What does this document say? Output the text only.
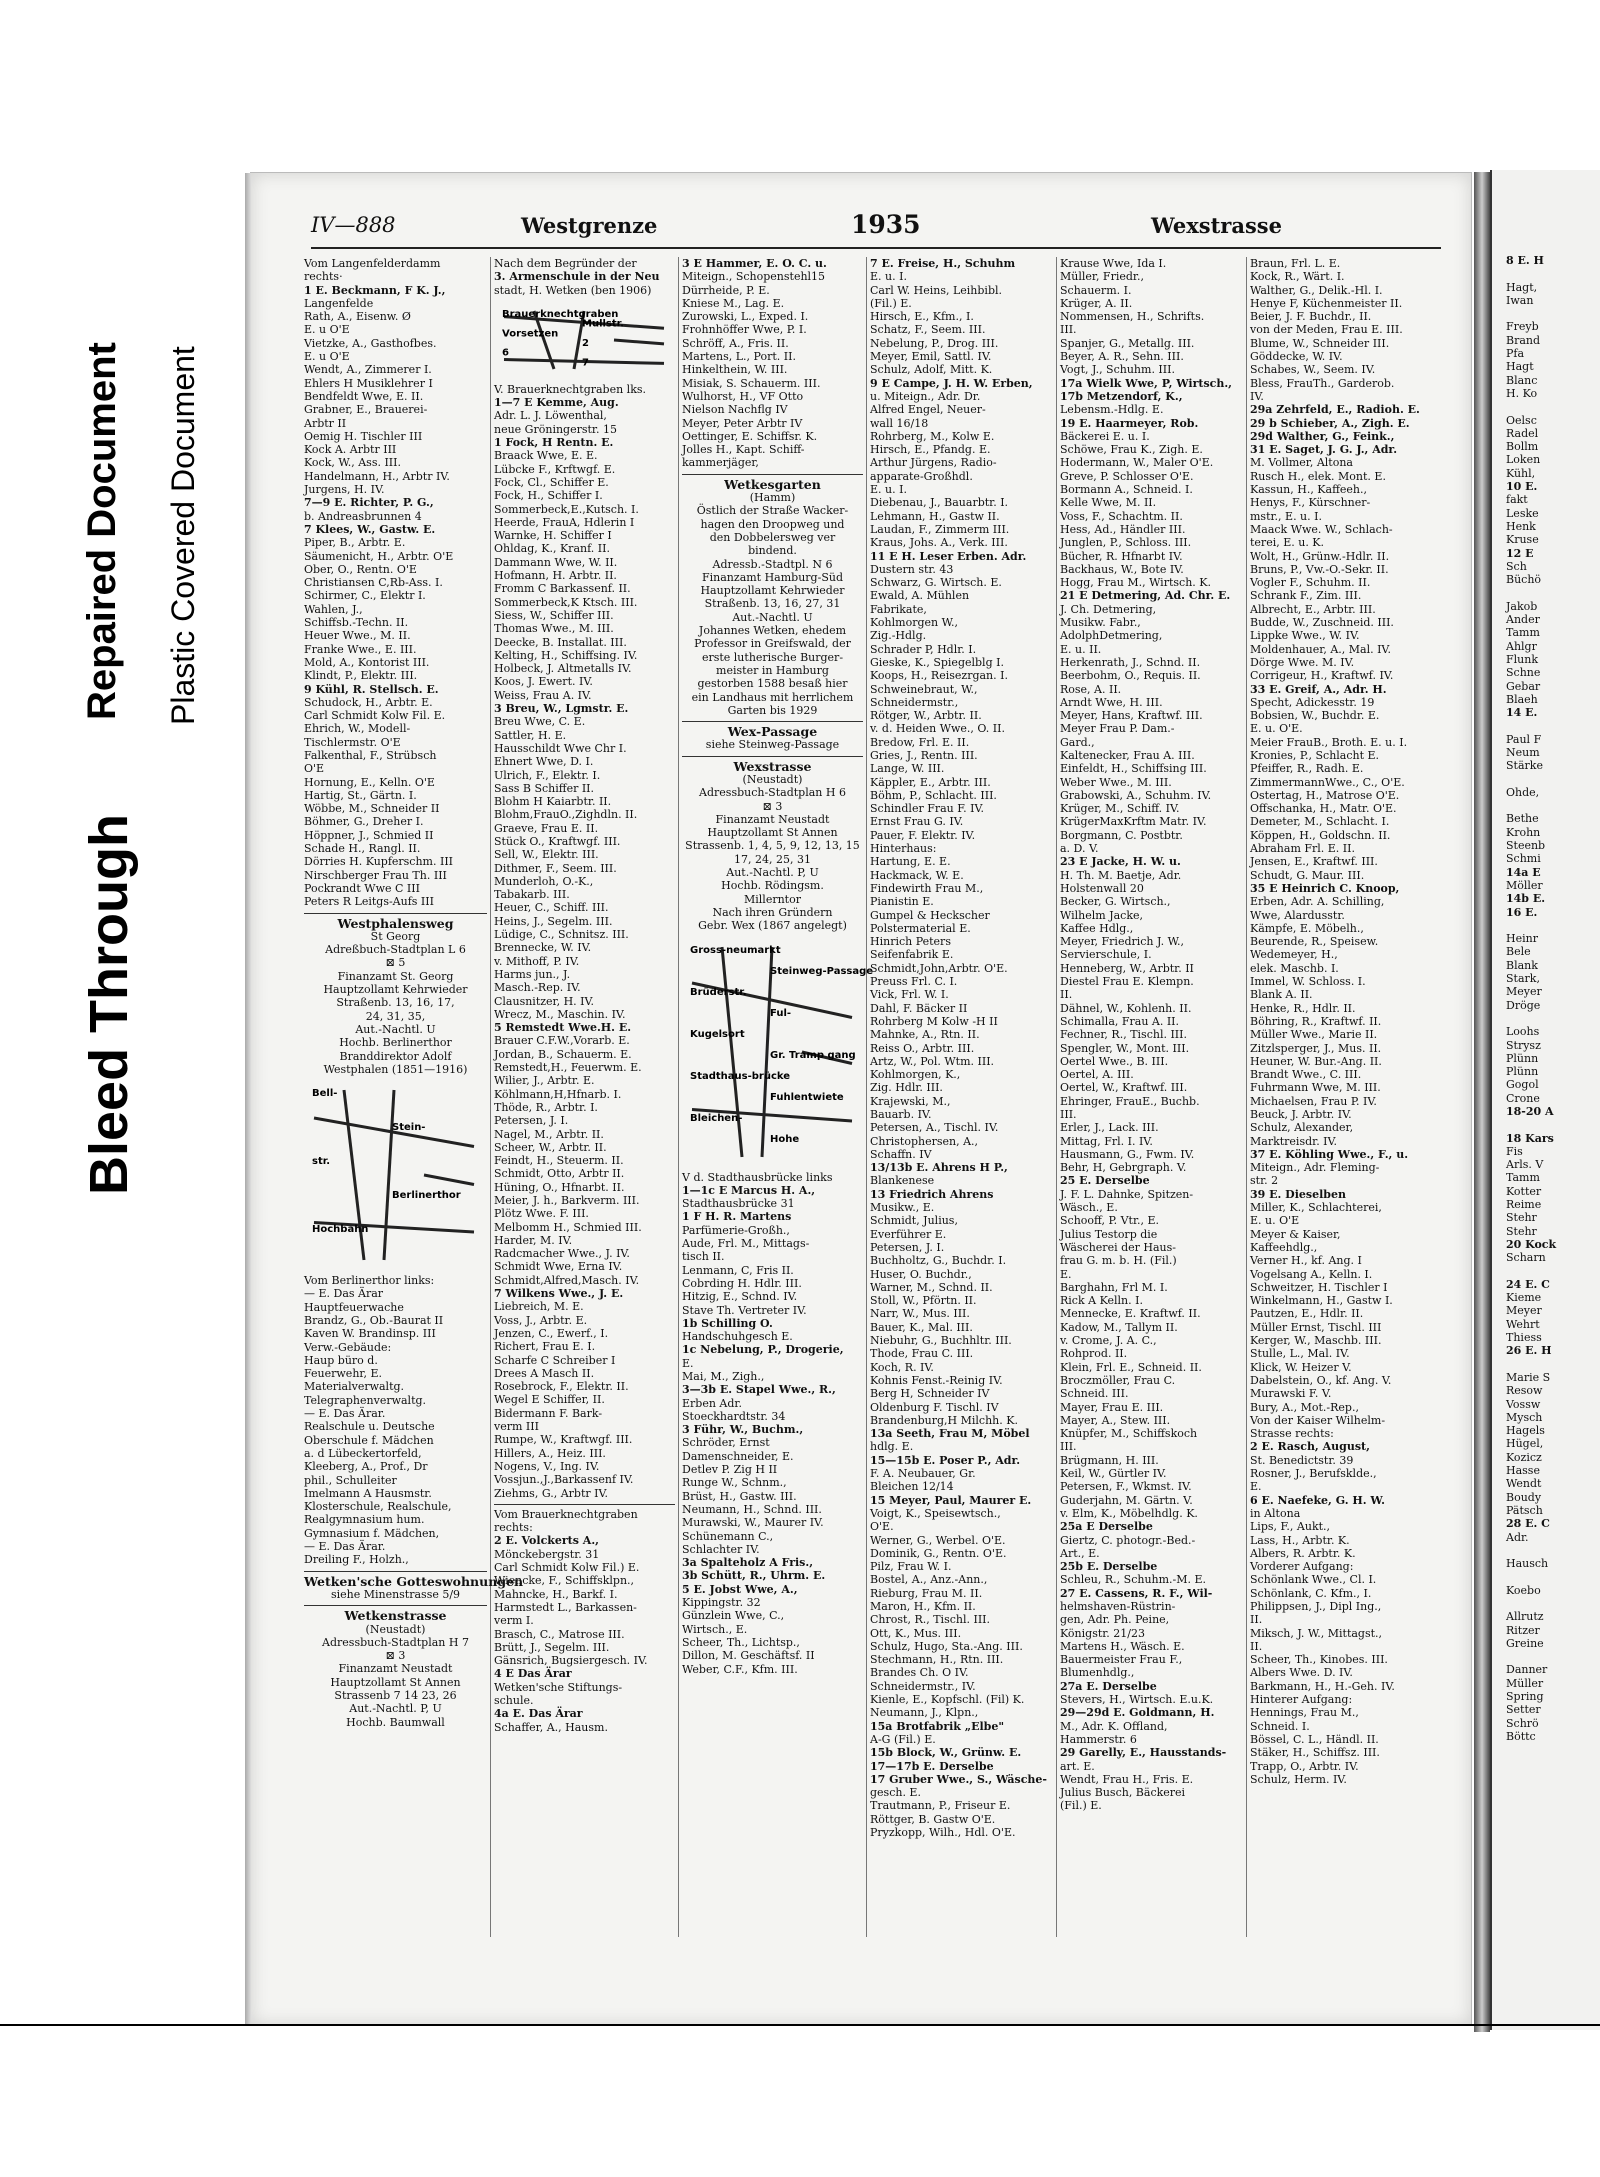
Bleed Through
Repaired Document Plastic Covered Document
IV—888	Westgrenze	1935	Wexstrasse
Vom Langenfelderdamm
rechts·
1 E. Beckmann, F K. J.,
Langenfelde
Rath, A., Eisenw. Ø
E. u O'E
Vietzke, A., Gasthofbes.
E. u O'E
Wendt, A., Zimmerer I.
Ehlers H Musiklehrer I
Bendfeldt Wwe, E. II.
Grabner, E., Brauerei-
Arbtr II
Oemig H. Tischler III
Kock A. Arbtr III
Kock, W., Ass. III.
Handelmann, H., Arbtr IV.
Jurgens, H. IV.
7—9 E. Richter, P. G.,
b. Andreasbrunnen 4
7 Klees, W., Gastw. E.
Piper, B., Arbtr. E.
Säumenicht, H., Arbtr. O'E
Ober, O., Rentn. O'E
Christiansen C,Rb-Ass. I.
Schirmer, C., Elektr I.
Wahlen, J.,
Schiffsb.-Techn. II.
Heuer Wwe., M. II.
Franke Wwe., E. III.
Mold, A., Kontorist III.
Klindt, P., Elektr. III.
9 Kühl, R. Stellsch. E.
Schudock, H., Arbtr. E.
Carl Schmidt Kolw Fil. E.
Ehrich, W., Modell-
Tischlermstr. O'E
Falkenthal, F., Strübsch
O'E
Hornung, E., Kelln. O'E
Hartig, St., Gärtn. I.
Wöbbe, M., Schneider II
Böhmer, G., Dreher I.
Höppner, J., Schmied II
Schade H., Rangl. II.
Dörries H. Kupferschm. III
Nirschberger Frau Th. III
Pockrandt Wwe C III
Peters R Leitgs-Aufs III
Westphalensweg
St Georg
Adreßbuch-Stadtplan L 6
⊠ 5
Finanzamt St. Georg
Hauptzollamt Kehrwieder
Straßenb. 13, 16, 17,
24, 31, 35,
Aut.-Nachtl. U
Hochb. Berlinerthor
Branddirektor Adolf
Westphalen (1851—1916)
Bell-
Stein-
str.
Berlinerthor
Hochbahn
Vom Berlinerthor links:
— E. Das Ärar
Hauptfeuerwache
Brandz, G., Ob.-Baurat II
Kaven W. Brandinsp. III
Verw.-Gebäude:
Haup büro d.
Feuerwehr, E.
Materialverwaltg.
Telegraphenverwaltg.
— E. Das Ärar.
Realschule u. Deutsche
Oberschule f. Mädchen
a. d Lübeckertorfeld,
Kleeberg, A., Prof., Dr
phil., Schulleiter
Imelmann A Hausmstr.
Klosterschule, Realschule,
Realgymnasium hum.
Gymnasium f. Mädchen,
— E. Das Ärar.
Dreiling F., Holzh.,
Wetken'sche Gotteswohnungen
siehe Minenstrasse 5/9
Wetkenstrasse
(Neustadt)
Adressbuch-Stadtplan H 7
⊠ 3
Finanzamt Neustadt
Hauptzollamt St Annen
Strassenb 7 14 23, 26
Aut.-Nachtl. P, U
Hochb. Baumwall
Nach dem Begründer der
3. Armenschule in der Neu
stadt, H. Wetken (ben 1906)
Brauerknechtgraben
Mullstr.
Vorsetzen
2
6
7
V. Brauerknechtgraben lks.
1—7 E Kemme, Aug.
Adr. L. J. Löwenthal,
neue Gröningerstr. 15
1 Fock, H Rentn. E.
Braack Wwe, E. E.
Lübcke F., Krftwgf. E.
Fock, Cl., Schiffer E.
Fock, H., Schiffer I.
Sommerbeck,E.,Kutsch. I.
Heerde, FrauA, Hdlerin I
Warnke, H. Schiffer I
Ohldag, K., Kranf. II.
Dammann Wwe, W. II.
Hofmann, H. Arbtr. II.
Fromm C Barkassenf. II.
Sommerbeck,K Ktsch. III.
Siess, W., Schiffer III.
Thomas Wwe., M. III.
Deecke, B. Installat. III.
Kelting, H., Schiffsing. IV.
Holbeck, J. Altmetalls IV.
Koos, J. Ewert. IV.
Weiss, Frau A. IV.
3 Breu, W., Lgmstr. E.
Breu Wwe, C. E.
Sattler, H. E.
Hausschildt Wwe Chr I.
Ehnert Wwe, D. I.
Ulrich, F., Elektr. I.
Sass B Schiffer II.
Blohm H Kaiarbtr. II.
Blohm,FrauO.,Zighdln. II.
Graeve, Frau E. II.
Stück O., Kraftwgf. III.
Sell, W., Elektr. III.
Dithmer, F., Seem. III.
Munderloh, O.-K.,
Tabakarb. III.
Heuer, C., Schiff. III.
Heins, J., Segelm. III.
Lüdige, C., Schnitsz. III.
Brennecke, W. IV.
v. Mithoff, P. IV.
Harms jun., J.
Masch.-Rep. IV.
Clausnitzer, H. IV.
Wrecz, M., Maschin. IV.
5 Remstedt Wwe.H. E.
Brauer C.F.W.,Vorarb. E.
Jordan, B., Schauerm. E.
Remstedt,H., Feuerwm. E.
Wilier, J., Arbtr. E.
Köhlmann,H,Hfnarb. I.
Thöde, R., Arbtr. I.
Petersen, J. I.
Nagel, M., Arbtr. II.
Scheer, W., Arbtr. II.
Feindt, H., Steuerm. II.
Schmidt, Otto, Arbtr II.
Hüning, O., Hfnarbt. II.
Meier, J. h., Barkverm. III.
Plötz Wwe. F. III.
Melbomm H., Schmied III.
Harder, M. IV.
Radcmacher Wwe., J. IV.
Schmidt Wwe, Erna IV.
Schmidt,Alfred,Masch. IV.
7 Wilkens Wwe., J. E.
Liebreich, M. E.
Voss, J., Arbtr. E.
Jenzen, C., Ewerf., I.
Richert, Frau E. I.
Scharfe C Schreiber I
Drees A Masch II.
Rosebrock, F., Elektr. II.
Wegel E Schiffer, II.
Bidermann F. Bark-
verm III
Rumpe, W., Kraftwgf. III.
Hillers, A., Heiz. III.
Nogens, V., Ing. IV.
Vossjun.,J.,Barkassenf IV.
Ziehms, G., Arbtr IV.
Vom Brauerknechtgraben
rechts:
2 E. Volckerts A.,
Mönckebergstr. 31
Carl Schmidt Kolw Fil.) E.
Wiencke, F., Schiffsklpn.,
Mahncke, H., Barkf. I.
Harmstedt L., Barkassen-
verm I.
Brasch, C., Matrose III.
Brütt, J., Segelm. III.
Gänsrich, Bugsiergesch. IV.
4 E Das Ärar
Wetken'sche Stiftungs-
schule.
4a E. Das Ärar
Schaffer, A., Hausm.
3 E Hammer, E. O. C. u.
Miteign., Schopenstehl15
Dürrheide, P. E.
Kniese M., Lag. E.
Zurowski, L., Exped. I.
Frohnhöffer Wwe, P. I.
Schröff, A., Fris. II.
Martens, L., Port. II.
Hinkelthein, W. III.
Misiak, S. Schauerm. III.
Wulhorst, H., VF Otto
Nielson Nachflg IV
Meyer, Peter Arbtr IV
Oettinger, E. Schiffsr. K.
Jolles H., Kapt. Schiff-
kammerjäger,
Wetkesgarten
(Hamm)
Östlich der Straße Wacker-
hagen den Droopweg und
den Dobbelersweg ver
bindend.
Adressb.-Stadtpl. N 6
Finanzamt Hamburg-Süd
Hauptzollamt Kehrwieder
Straßenb. 13, 16, 27, 31
Aut.-Nachtl. U
Johannes Wetken, ehedem
Professor in Greifswald, der
erste lutherische Burger-
meister in Hamburg
gestorben 1588 besaß hier
ein Landhaus mit herrlichem
Garten bis 1929
Wex-Passage
siehe Steinweg-Passage
Wexstrasse
(Neustadt)
Adressbuch-Stadtplan H 6
⊠ 3
Finanzamt Neustadt
Hauptzollamt St Annen
Strassenb. 1, 4, 5, 9, 12, 13, 15
17, 24, 25, 31
Aut.-Nachtl. P, U
Hochb. Rödingsm.
Millerntor
Nach ihren Gründern
Gebr. Wex (1867 angelegt)
Gross-neumarkt
Steinweg-Passage
Brüderstr.
Ful-
Kugelsort
Gr. Tramp gang
Stadthaus-brücke
Fuhlentwiete
Bleichen-
Hohe
V d. Stadthausbrücke links
1—1c E Marcus H. A.,
Stadthausbrücke 31
1 F H. R. Martens
Parfümerie-Großh.,
Aude, Frl. M., Mittags-
tisch II.
Lenmann, C, Fris II.
Cobrding H. Hdlr. III.
Hitzig, E., Schnd. IV.
Stave Th. Vertreter IV.
1b Schilling O.
Handschuhgesch E.
1c Nebelung, P., Drogerie,
E.
Mai, M., Zigh.,
3—3b E. Stapel Wwe., R.,
Erben Adr.
Stoeckhardtstr. 34
3 Führ, W., Buchm.,
Schröder, Ernst
Damenschneider, E.
Detlev P. Zig H II
Runge W., Schnm.,
Brüst, H., Gastw. III.
Neumann, H., Schnd. III.
Murawski, W., Maurer IV.
Schünemann C.,
Schlachter IV.
3a Spalteholz A Fris.,
3b Schütt, R., Uhrm. E.
5 E. Jobst Wwe, A.,
Kippingstr. 32
Günzlein Wwe, C.,
Wirtsch., E.
Scheer, Th., Lichtsp.,
Dillon, M. Geschäftsf. II
Weber, C.F., Kfm. III.
7 E. Freise, H., Schuhm
E. u. I.
Carl W. Heins, Leihbibl.
(Fil.) E.
Hirsch, E., Kfm., I.
Schatz, F., Seem. III.
Nebelung, P., Drog. III.
Meyer, Emil, Sattl. IV.
Schulz, Adolf, Mitt. K.
9 E Campe, J. H. W. Erben,
u. Miteign., Adr. Dr.
Alfred Engel, Neuer-
wall 16/18
Rohrberg, M., Kolw E.
Hirsch, E., Pfandg. E.
Arthur Jürgens, Radio-
apparate-Großhdl.
E. u. I.
Diebenau, J., Bauarbtr. I.
Lehmann, H., Gastw II.
Laudan, F., Zimmerm III.
Kraus, Johs. A., Verk. III.
11 E H. Leser Erben. Adr.
Dustern str. 43
Schwarz, G. Wirtsch. E.
Ewald, A. Mühlen
Fabrikate,
Kohlmorgen W.,
Zig.-Hdlg.
Schrader P, Hdlr. I.
Gieske, K., Spiegelblg I.
Koops, H., Reisezrgan. I.
Schweinebraut, W.,
Schneidermstr.,
Rötger, W., Arbtr. II.
v. d. Heiden Wwe., O. II.
Bredow, Frl. E. II.
Gries, J., Rentn. III.
Lange, W. III.
Käppler, E., Arbtr. III.
Böhm, P., Schlacht. III.
Schindler Frau F. IV.
Ernst Frau G. IV.
Pauer, F. Elektr. IV.
Hinterhaus:
Hartung, E. E.
Hackmack, W. E.
Findewirth Frau M.,
Pianistin E.
Gumpel & Heckscher
Polstermaterial E.
Hinrich Peters
Seifenfabrik E.
Schmidt,John,Arbtr. O'E.
Preuss Frl. C. I.
Vick, Frl. W. I.
Dahl, F. Bäcker II
Rohrberg M Kolw -H II
Mahnke, A., Rtn. II.
Reiss O., Arbtr. III.
Artz, W., Pol. Wtm. III.
Kohlmorgen, K.,
Zig. Hdlr. III.
Krajewski, M.,
Bauarb. IV.
Petersen, A., Tischl. IV.
Christophersen, A.,
Schaffn. IV
13/13b E. Ahrens H P.,
Blankenese
13 Friedrich Ahrens
Musikw., E.
Schmidt, Julius,
Everführer E.
Petersen, J. I.
Buchholtz, G., Buchdr. I.
Huser, O. Buchdr.,
Warner, M., Schnd. II.
Stoll, W., Pförtn. II.
Narr, W., Mus. III.
Bauer, K., Mal. III.
Niebuhr, G., Buchhltr. III.
Thode, Frau C. III.
Koch, R. IV.
Kohnis Fenst.-Reinig IV.
Berg H, Schneider IV
Oldenburg F. Tischl. IV
Brandenburg,H Milchh. K.
13a Seeth, Frau M, Möbel
hdlg. E.
15—15b E. Poser P., Adr.
F. A. Neubauer, Gr.
Bleichen 12/14
15 Meyer, Paul, Maurer E.
Voigt, K., Speisewtsch.,
O'E.
Werner, G., Werbel. O'E.
Dominik, G., Rentn. O'E.
Pilz, Frau W. I.
Bostel, A., Anz.-Ann.,
Rieburg, Frau M. II.
Maron, H., Kfm. II.
Chrost, R., Tischl. III.
Ott, K., Mus. III.
Schulz, Hugo, Sta.-Ang. III.
Stechmann, H., Rtn. III.
Brandes Ch. O IV.
Schneidermstr., IV.
Kienle, E., Kopfschl. (Fil) K.
Neumann, J., Klpn.,
15a Brotfabrik „Elbe"
A-G (Fil.) E.
15b Block, W., Grünw. E.
17—17b E. Derselbe
17 Gruber Wwe., S., Wäsche-
gesch. E.
Trautmann, P., Friseur E.
Röttger, B. Gastw O'E.
Pryzkopp, Wilh., Hdl. O'E.
Krause Wwe, Ida I.
Müller, Friedr.,
Schauerm. I.
Krüger, A. II.
Nommensen, H., Schrifts.
III.
Spanjer, G., Metallg. III.
Beyer, A. R., Sehn. III.
Vogt, J., Schuhm. III.
17a Wielk Wwe, P, Wirtsch.,
17b Metzendorf, K.,
Lebensm.-Hdlg. E.
19 E. Haarmeyer, Rob.
Bäckerei E. u. I.
Schöwe, Frau K., Zigh. E.
Hodermann, W., Maler O'E.
Greve, P. Schlosser O'E.
Bormann A., Schneid. I.
Kelle Wwe, M. II.
Voss, F., Schachtm. II.
Hess, Ad., Händler III.
Junglen, P., Schloss. III.
Bücher, R. Hfnarbt IV.
Backhaus, W., Bote IV.
Hogg, Frau M., Wirtsch. K.
21 E Detmering, Ad. Chr. E.
J. Ch. Detmering,
Musikw. Fabr.,
AdolphDetmering,
E. u. II.
Herkenrath, J., Schnd. II.
Beerbohm, O., Requis. II.
Rose, A. II.
Arndt Wwe, H. III.
Meyer, Hans, Kraftwf. III.
Meyer Frau P. Dam.-
Gard.,
Kaltenecker, Frau A. III.
Einfeldt, H., Schiffsing III.
Weber Wwe., M. III.
Grabowski, A., Schuhm. IV.
Krüger, M., Schiff. IV.
KrügerMaxKrftm Matr. IV.
Borgmann, C. Postbtr.
a. D. V.
23 E Jacke, H. W. u.
H. Th. M. Baetje, Adr.
Holstenwall 20
Becker, G. Wirtsch.,
Wilhelm Jacke,
Kaffee Hdlg.,
Meyer, Friedrich J. W.,
Servierschule, I.
Henneberg, W., Arbtr. II
Diestel Frau E. Klempn.
II.
Dähnel, W., Kohlenh. II.
Schimalla, Frau A. II.
Fechner, R., Tischl. III.
Spengler, W., Mont. III.
Oertel Wwe., B. III.
Oertel, A. III.
Oertel, W., Kraftwf. III.
Ehringer, FrauE., Buchb.
III.
Erler, J., Lack. III.
Mittag, Frl. I. IV.
Hausmann, G., Fwm. IV.
Behr, H, Gebrgraph. V.
25 E. Derselbe
J. F. L. Dahnke, Spitzen-
Wäsch., E.
Schooff, P. Vtr., E.
Julius Testorp die
Wäscherei der Haus-
frau G. m. b. H. (Fil.)
E.
Barghahn, Frl M. I.
Rick A Kelln. I.
Mennecke, E. Kraftwf. II.
Kadow, M., Tallym II.
v. Crome, J. A. C.,
Rohprod. II.
Klein, Frl. E., Schneid. II.
Broczmöller, Frau C.
Schneid. III.
Mayer, Frau E. III.
Mayer, A., Stew. III.
Knüpfer, M., Schiffskoch
III.
Brügmann, H. III.
Keil, W., Gürtler IV.
Petersen, F., Wkmst. IV.
Guderjahn, M. Gärtn. V.
v. Elm, K., Möbelhdlg. K.
25a E Derselbe
Giertz, C. photogr.-Bed.-
Art., E.
25b E. Derselbe
Schleu, R., Schuhm.-M. E.
27 E. Cassens, R. F., Wil-
helmshaven-Rüstrin-
gen, Adr. Ph. Peine,
Königstr. 21/23
Martens H., Wäsch. E.
Bauermeister Frau F.,
Blumenhdlg.,
27a E. Derselbe
Stevers, H., Wirtsch. E.u.K.
29—29d E. Goldmann, H.
M., Adr. K. Offland,
Hammerstr. 6
29 Garelly, E., Hausstands-
art. E.
Wendt, Frau H., Fris. E.
Julius Busch, Bäckerei
(Fil.) E.
Braun, Frl. L. E.
Kock, R., Wärt. I.
Walther, G., Delik.-Hl. I.
Henye F, Küchenmeister II.
Beier, J. F. Buchdr., II.
von der Meden, Frau E. III.
Blume, W., Schneider III.
Göddecke, W. IV.
Schabes, W., Seem. IV.
Bless, FrauTh., Garderob.
IV.
29a Zehrfeld, E., Radioh. E.
29 b Schieber, A., Zigh. E.
29d Walther, G., Feink.,
31 E. Saget, J. G. J., Adr.
M. Vollmer, Altona
Rusch H., elek. Mont. E.
Kassun, H., Kaffeeh.,
Henys, F., Kürschner-
mstr., E. u. I.
Maack Wwe. W., Schlach-
terei, E. u. K.
Wolt, H., Grünw.-Hdlr. II.
Bruns, P., Vw.-O.-Sekr. II.
Vogler F., Schuhm. II.
Schrank F., Zim. III.
Albrecht, E., Arbtr. III.
Budde, W., Zuschneid. III.
Lippke Wwe., W. IV.
Moldenhauer, A., Mal. IV.
Dörge Wwe. M. IV.
Corrigeur, H., Kraftwf. IV.
33 E. Greif, A., Adr. H.
Specht, Adickesstr. 19
Bobsien, W., Buchdr. E.
E. u. O'E.
Meier FrauB., Broth. E. u. I.
Kronies, P., Schlacht E.
Pfeiffer, R., Radh. E.
ZimmermannWwe., C., O'E.
Ostertag, H., Matrose O'E.
Offschanka, H., Matr. O'E.
Demeter, M., Schlacht. I.
Köppen, H., Goldschn. II.
Abraham Frl. E. II.
Jensen, E., Kraftwf. III.
Schudt, G. Maur. III.
35 E Heinrich C. Knoop,
Erben, Adr. A. Schilling,
Wwe, Alardusstr.
Kämpfe, E. Möbelh.,
Beurende, R., Speisew.
Wedemeyer, H.,
elek. Maschb. I.
Immel, W. Schloss. I.
Blank A. II.
Henke, R., Hdlr. II.
Böhring, R., Kraftwf. II.
Müller Wwe., Marie II.
Zitzlsperger, J., Mus. II.
Heuner, W. Bur.-Ang. II.
Brandt Wwe., C. III.
Fuhrmann Wwe, M. III.
Michaelsen, Frau P. IV.
Beuck, J. Arbtr. IV.
Schulz, Alexander,
Marktreisdr. IV.
37 E. Köhling Wwe., F., u.
Miteign., Adr. Fleming-
str. 2
39 E. Dieselben
Miller, K., Schlachterei,
E. u. O'E
Meyer & Kaiser,
Kaffeehdlg.,
Verner H., kf. Ang. I
Vogelsang A., Kelln. I.
Schweitzer, H. Tischler I
Winkelmann, H., Gastw I.
Pautzen, E., Hdlr. II.
Müller Ernst, Tischl. III
Kerger, W., Maschb. III.
Stulle, L., Mal. IV.
Klick, W. Heizer V.
Dabelstein, O., kf. Ang. V.
Murawski F. V.
Bury, A., Mot.-Rep.,
Von der Kaiser Wilhelm-
Strasse rechts:
2 E. Rasch, August,
St. Benedictstr. 39
Rosner, J., Berufsklde.,
E.
6 E. Naefeke, G. H. W.
in Altona
Lips, F., Aukt.,
Lass, H., Arbtr. K.
Albers, R. Arbtr. K.
Vorderer Aufgang:
Schönlank Wwe., Cl. I.
Schönlank, C. Kfm., I.
Philippsen, J., Dipl Ing.,
II.
Miksch, J. W., Mittagst.,
II.
Scheer, Th., Kinobes. III.
Albers Wwe. D. IV.
Barkmann, H., H.-Geh. IV.
Hinterer Aufgang:
Hennings, Frau M.,
Schneid. I.
Bössel, C. L., Händl. II.
Stäker, H., Schiffsz. III.
Trapp, O., Arbtr. IV.
Schulz, Herm. IV.
8 E. H

Hagt,
Iwan

Freyb
Brand
Pfa
Hagt
Blanc
H. Ko

Oelsc
Radel
Bollm
Loken
Kühl,
10 E.
fakt
Leske
Henk
Kruse
12 E
Sch
Büchö

Jakob
Ander
Tamm
Ahlgr
Flunk
Schne
Gebar
Blaeh
14 E.

Paul F
Neum
Stärke

Ohde,

Bethe
Krohn
Steenb
Schmi
14a E
Möller
14b E.
16 E.

Heinr
Bele
Blank
Stark,
Meyer
Dröge

Loohs
Strysz
Plünn
Plünn
Gogol
Crone
18-20 A

18 Kars
Fis
Arls. V
Tamm
Kotter
Reime
Stehr
Stehr
20 Kock
Scharn

24 E. C
Kieme
Meyer
Wehrt
Thiess
26 E. H

Marie S
Resow
Vossw
Mysch
Hagels
Hügel,
Kozicz
Hasse
Wendt
Boudy
Pätsch
28 E. C
Adr.

Hausch

Koebo

Allrutz
Ritzer
Greine

Danner
Müller
Spring
Setter
Schrö
Böttc
